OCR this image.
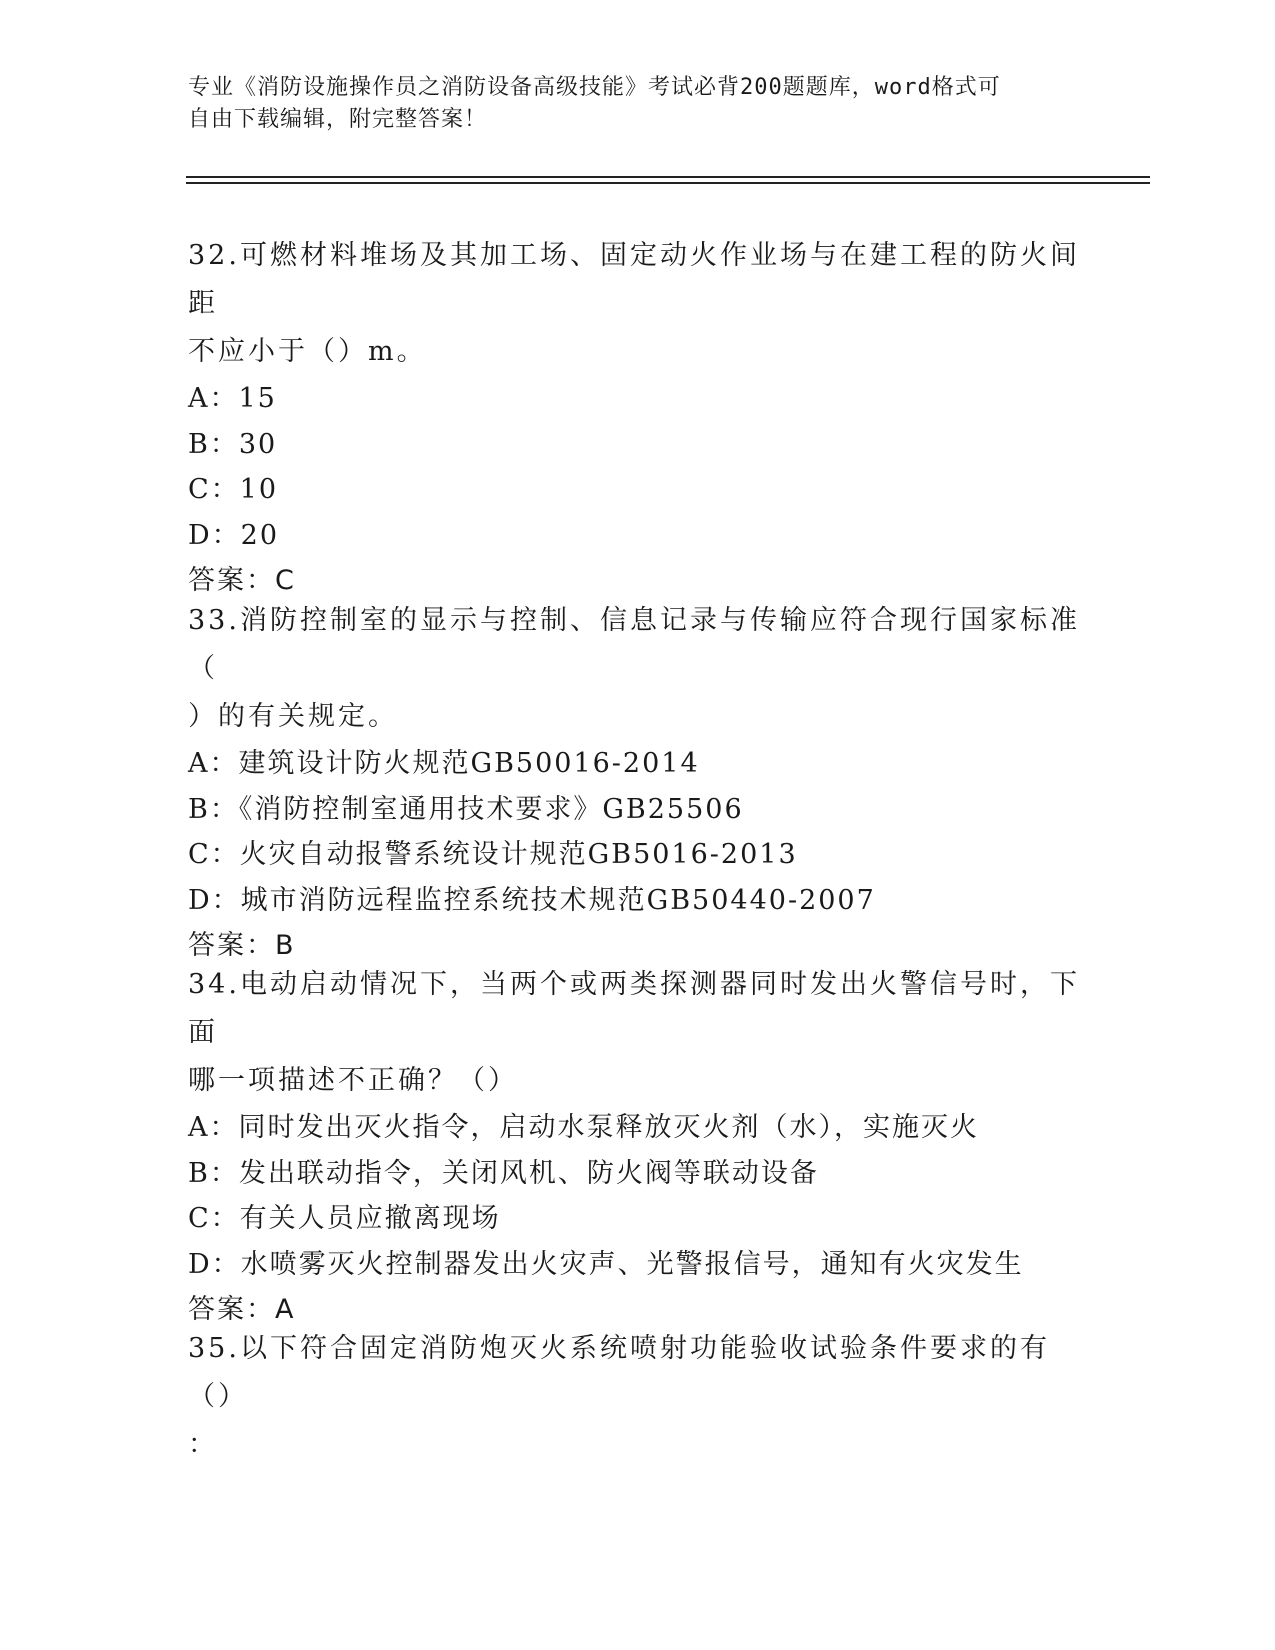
专业《消防设施操作员之消防设备高级技能》考试必背200题题库，word格式可
自由下载编辑，附完整答案！

32.可燃材料堆场及其加工场、固定动火作业场与在建工程的防火间距

不应小于（）m。

A：15

B：30

C：10

D：20

答案：C

33.消防控制室的显示与控制、信息记录与传输应符合现行国家标准（

）的有关规定。

A：建筑设计防火规范GB50016-2014

B：《消防控制室通用技术要求》GB25506

C：火灾自动报警系统设计规范GB5016-2013

D：城市消防远程监控系统技术规范GB50440-2007

答案：B

34.电动启动情况下，当两个或两类探测器同时发出火警信号时，下面

哪一项描述不正确？（）

A：同时发出灭火指令，启动水泵释放灭火剂（水），实施灭火

B：发出联动指令，关闭风机、防火阀等联动设备

C：有关人员应撤离现场

D：水喷雾灭火控制器发出火灾声、光警报信号，通知有火灾发生

答案：A

35.以下符合固定消防炮灭火系统喷射功能验收试验条件要求的有（）

：
